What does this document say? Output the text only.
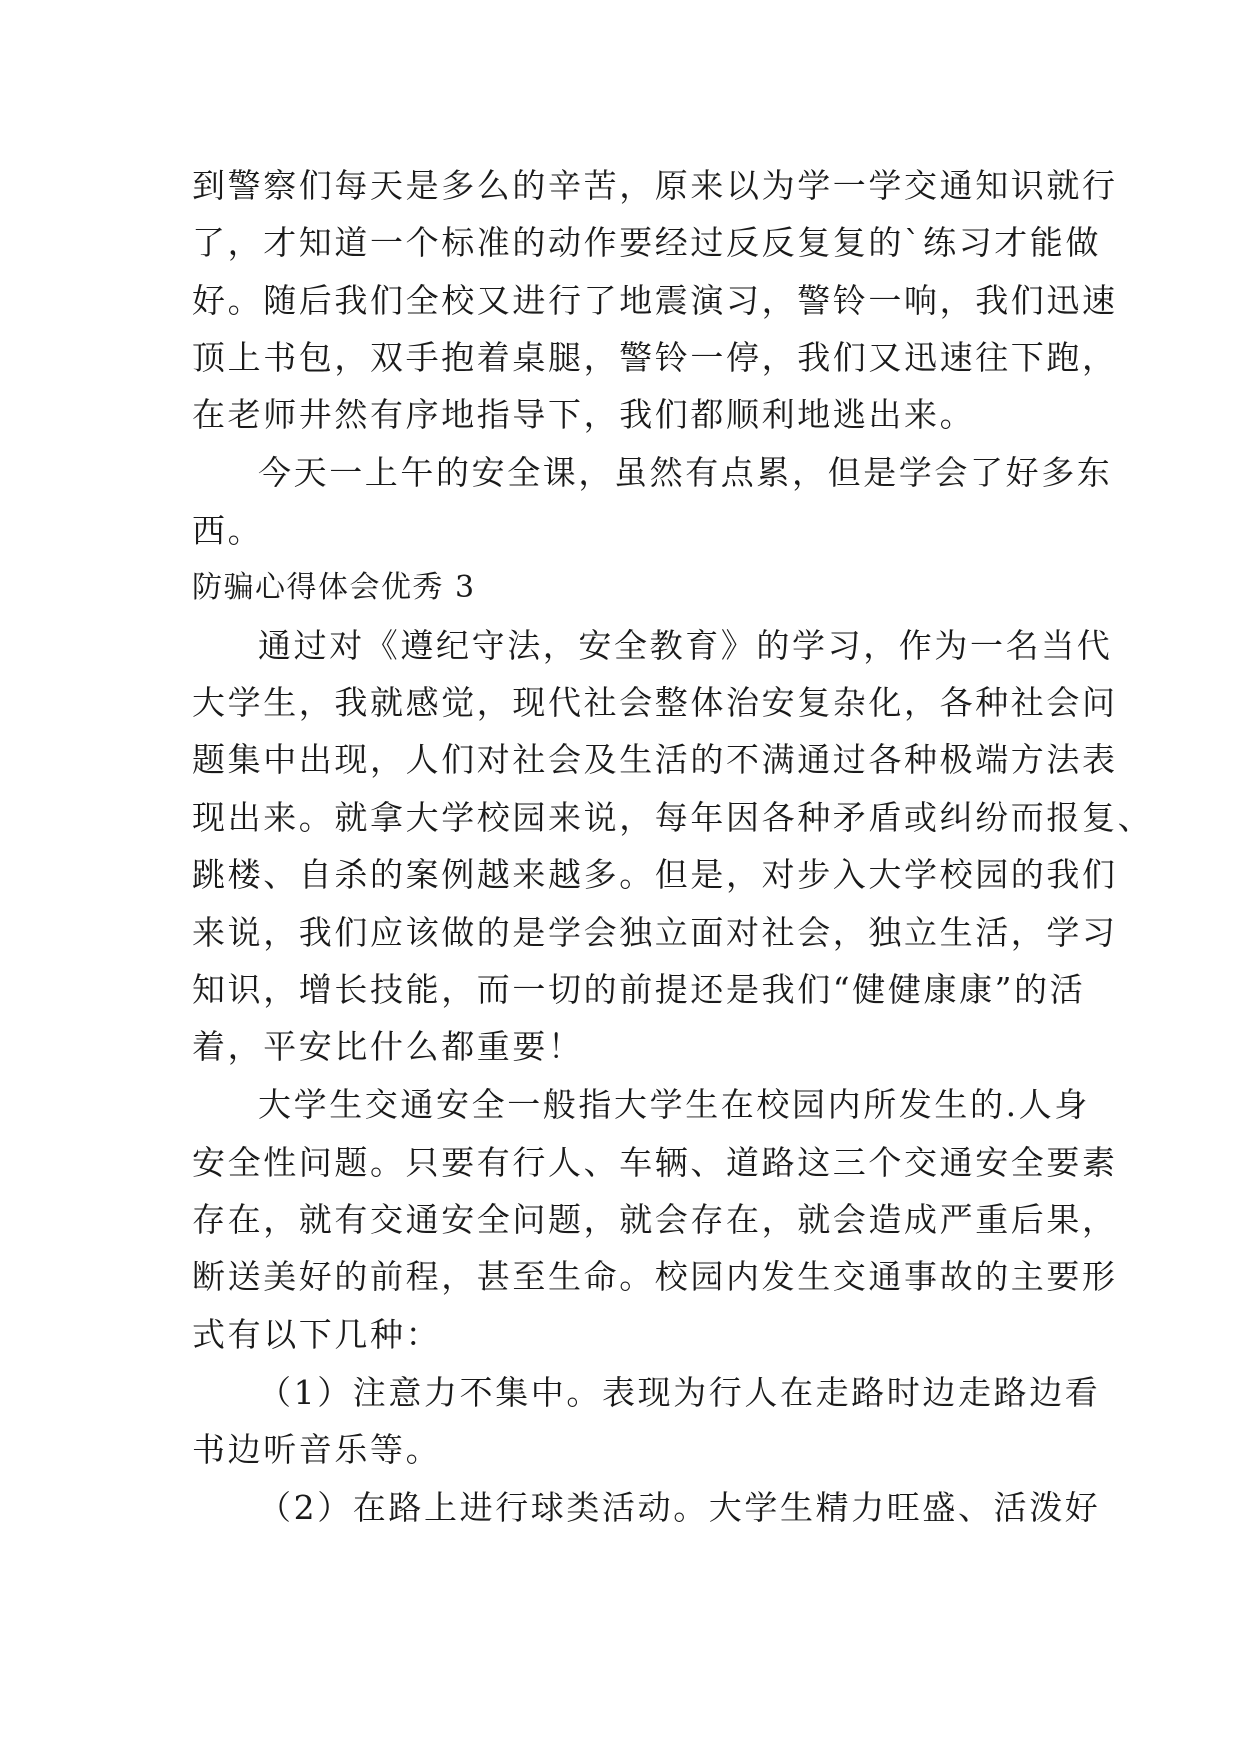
到警察们每天是多么的辛苦，原来以为学一学交通知识就行
了，才知道一个标准的动作要经过反反复复的`练习才能做
好。随后我们全校又进行了地震演习，警铃一响，我们迅速
顶上书包，双手抱着桌腿，警铃一停，我们又迅速往下跑，
在老师井然有序地指导下，我们都顺利地逃出来。
今天一上午的安全课，虽然有点累，但是学会了好多东
西。
防骗心得体会优秀 3
通过对《遵纪守法，安全教育》的学习，作为一名当代
大学生，我就感觉，现代社会整体治安复杂化，各种社会问
题集中出现，人们对社会及生活的不满通过各种极端方法表
现出来。就拿大学校园来说，每年因各种矛盾或纠纷而报复、
跳楼、自杀的案例越来越多。但是，对步入大学校园的我们
来说，我们应该做的是学会独立面对社会，独立生活，学习
知识，增长技能，而一切的前提还是我们“健健康康”的活
着，平安比什么都重要！
大学生交通安全一般指大学生在校园内所发生的.人身
安全性问题。只要有行人、车辆、道路这三个交通安全要素
存在，就有交通安全问题，就会存在，就会造成严重后果，
断送美好的前程，甚至生命。校园内发生交通事故的主要形
式有以下几种：
（1）注意力不集中。表现为行人在走路时边走路边看
书边听音乐等。
（2）在路上进行球类活动。大学生精力旺盛、活泼好
